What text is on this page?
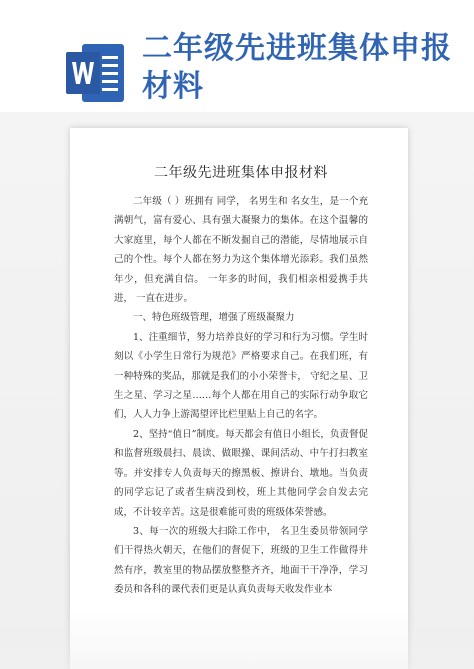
二年级先进班集体申报材料
二年级先进班集体申报材料

二年级（ ）班拥有 同学， 名男生和 名女生，是一个充满朝气，富有爱心、具有强大凝聚力的集体。在这个温馨的大家庭里，每个人都在不断发掘自己的潜能，尽情地展示自己的个性。每个人都在努力为这个集体增光添彩。我们虽然年少，但充满自信。 一年多的时间，我们相亲相爱携手共进， 一直在进步。

一、特色班级管理，增强了班级凝聚力

1、注重细节，努力培养良好的学习和行为习惯。学生时刻以《小学生日常行为规范》严格要求自己。在我们班，有一种特殊的奖品，那就是我们的小小荣誉卡， 守纪之星、卫生之星、学习之星……每个人都在用自己的实际行动争取它们，人人力争上游渴望评比栏里贴上自己的名字。

2、坚持“值日”制度。每天都会有值日小组长，负责督促和监督班级晨扫、晨读、做眼操、课间活动、中午打扫教室等。并安排专人负责每天的擦黑板、擦讲台、墩地。当负责的同学忘记了或者生病没到校，班上其他同学会自发去完成，不计较辛苦。这是很难能可贵的班级体荣誉感。

3、每一次的班级大扫除工作中， 名卫生委员带领同学们干得热火朝天，在他们的督促下，班级的卫生工作做得井然有序，教室里的物品摆放整整齐齐，地面干干净净，学习委员和各科的课代表们更是认真负责每天收发作业本
